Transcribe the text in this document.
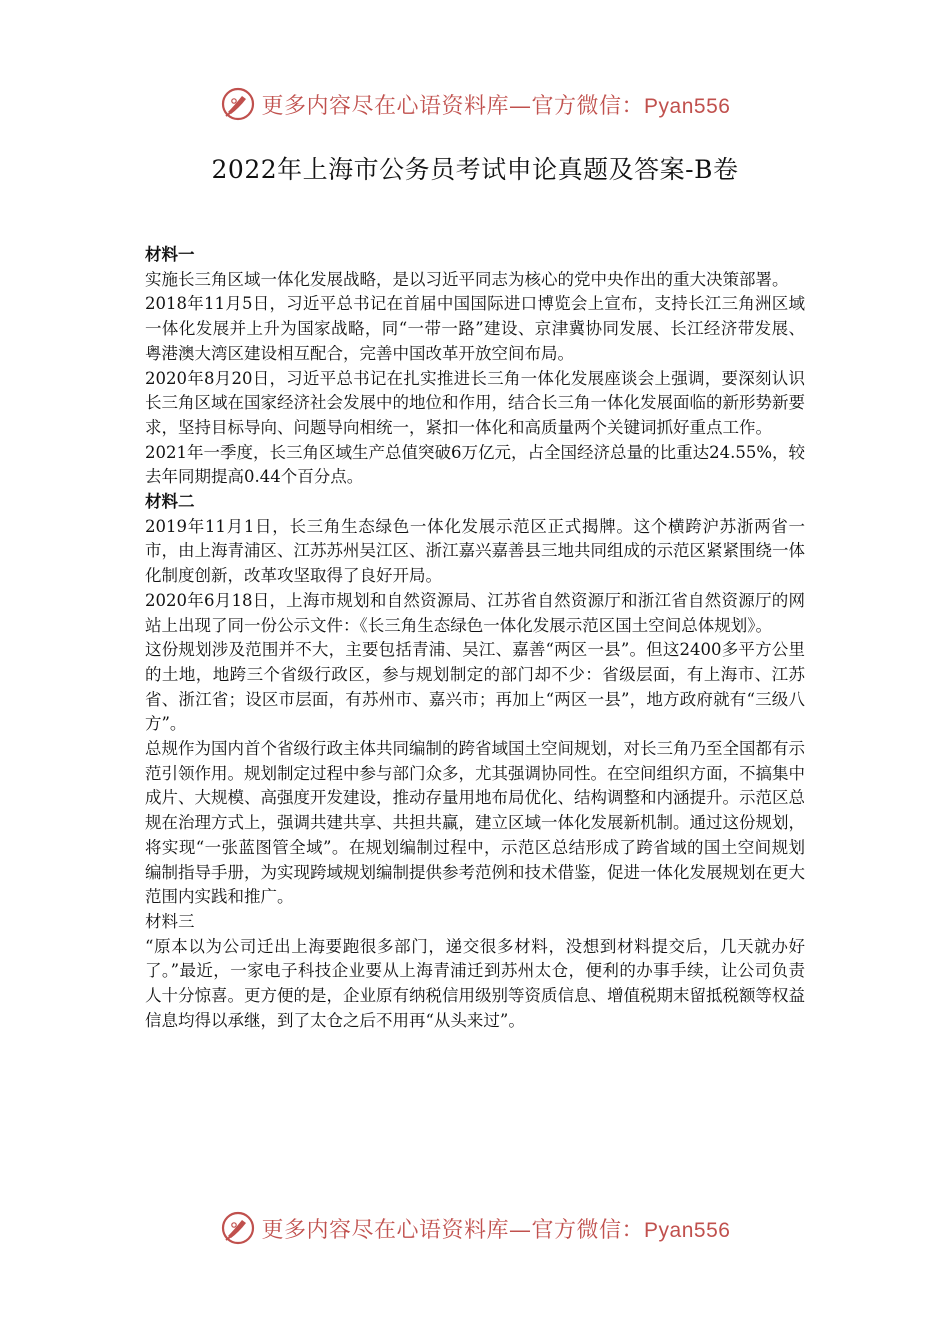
更多内容尽在心语资料库—官方微信：Pyan556
2022年上海市公务员考试申论真题及答案-B卷
材料一

实施长三角区域一体化发展战略，是以习近平同志为核心的党中央作出的重大决策部署。

2018年11月5日，习近平总书记在首届中国国际进口博览会上宣布，支持长江三角洲区域一体化发展并上升为国家战略，同“一带一路”建设、京津冀协同发展、长江经济带发展、粤港澳大湾区建设相互配合，完善中国改革开放空间布局。

2020年8月20日，习近平总书记在扎实推进长三角一体化发展座谈会上强调，要深刻认识长三角区域在国家经济社会发展中的地位和作用，结合长三角一体化发展面临的新形势新要求，坚持目标导向、问题导向相统一，紧扣一体化和高质量两个关键词抓好重点工作。

2021年一季度，长三角区域生产总值突破6万亿元，占全国经济总量的比重达24.55%，较去年同期提高0.44个百分点。

材料二

2019年11月1日，长三角生态绿色一体化发展示范区正式揭牌。这个横跨沪苏浙两省一市，由上海青浦区、江苏苏州吴江区、浙江嘉兴嘉善县三地共同组成的示范区紧紧围绕一体化制度创新，改革攻坚取得了良好开局。

2020年6月18日，上海市规划和自然资源局、江苏省自然资源厅和浙江省自然资源厅的网站上出现了同一份公示文件：《长三角生态绿色一体化发展示范区国土空间总体规划》。

这份规划涉及范围并不大，主要包括青浦、吴江、嘉善“两区一县”。但这2400多平方公里的土地，地跨三个省级行政区，参与规划制定的部门却不少：省级层面，有上海市、江苏省、浙江省；设区市层面，有苏州市、嘉兴市；再加上“两区一县”，地方政府就有“三级八方”。

总规作为国内首个省级行政主体共同编制的跨省域国土空间规划，对长三角乃至全国都有示范引领作用。规划制定过程中参与部门众多，尤其强调协同性。在空间组织方面，不搞集中成片、大规模、高强度开发建设，推动存量用地布局优化、结构调整和内涵提升。示范区总规在治理方式上，强调共建共享、共担共赢，建立区域一体化发展新机制。通过这份规划，将实现“一张蓝图管全域”。在规划编制过程中，示范区总结形成了跨省域的国土空间规划编制指导手册，为实现跨域规划编制提供参考范例和技术借鉴，促进一体化发展规划在更大范围内实践和推广。

材料三

“原本以为公司迁出上海要跑很多部门，递交很多材料，没想到材料提交后，几天就办好了。”最近，一家电子科技企业要从上海青浦迁到苏州太仓，便利的办事手续，让公司负责人十分惊喜。更方便的是，企业原有纳税信用级别等资质信息、增值税期末留抵税额等权益信息均得以承继，到了太仓之后不用再“从头来过”。

更多内容尽在心语资料库—官方微信：Pyan556
